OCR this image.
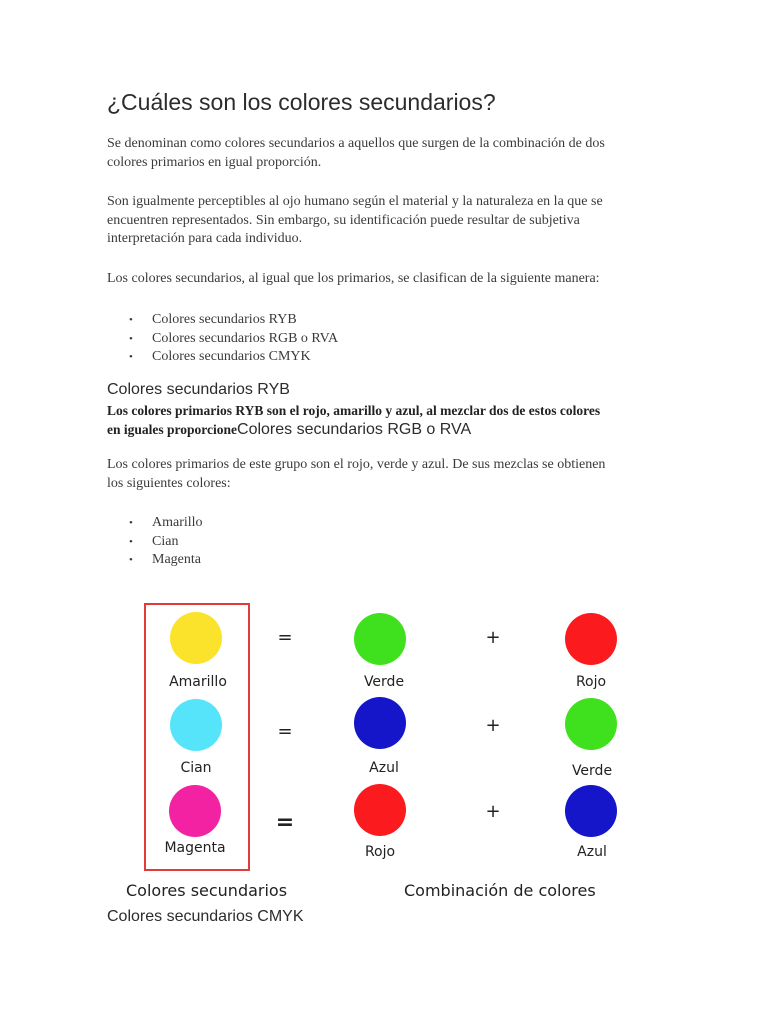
¿Cuáles son los colores secundarios?

Se denominan como colores secundarios a aquellos que surgen de la combinación de dos
colores primarios en igual proporción.

Son igualmente perceptibles al ojo humano según el material y la naturaleza en la que se
encuentren representados. Sin embargo, su identificación puede resultar de subjetiva
interpretación para cada individuo.

Los colores secundarios, al igual que los primarios, se clasifican de la siguiente manera:

• Colores secundarios RYB
• Colores secundarios RGB o RVA
• Colores secundarios CMYK
Colores secundarios RYB
Los colores primarios RYB son el rojo, amarillo y azul, al mezclar dos de estos colores
en iguales proporcioneColores secundarios RGB o RVA

Los colores primarios de este grupo son el rojo, verde y azul. De sus mezclas se obtienen
los siguientes colores:

• Amarillo
• Cian
• Magenta
Amarillo
=
Verde
+
Rojo
Cian
=
Azul
+
Verde
Magenta
=
Rojo
+
Azul
Colores secundarios	Combinación de colores
Colores secundarios CMYK
